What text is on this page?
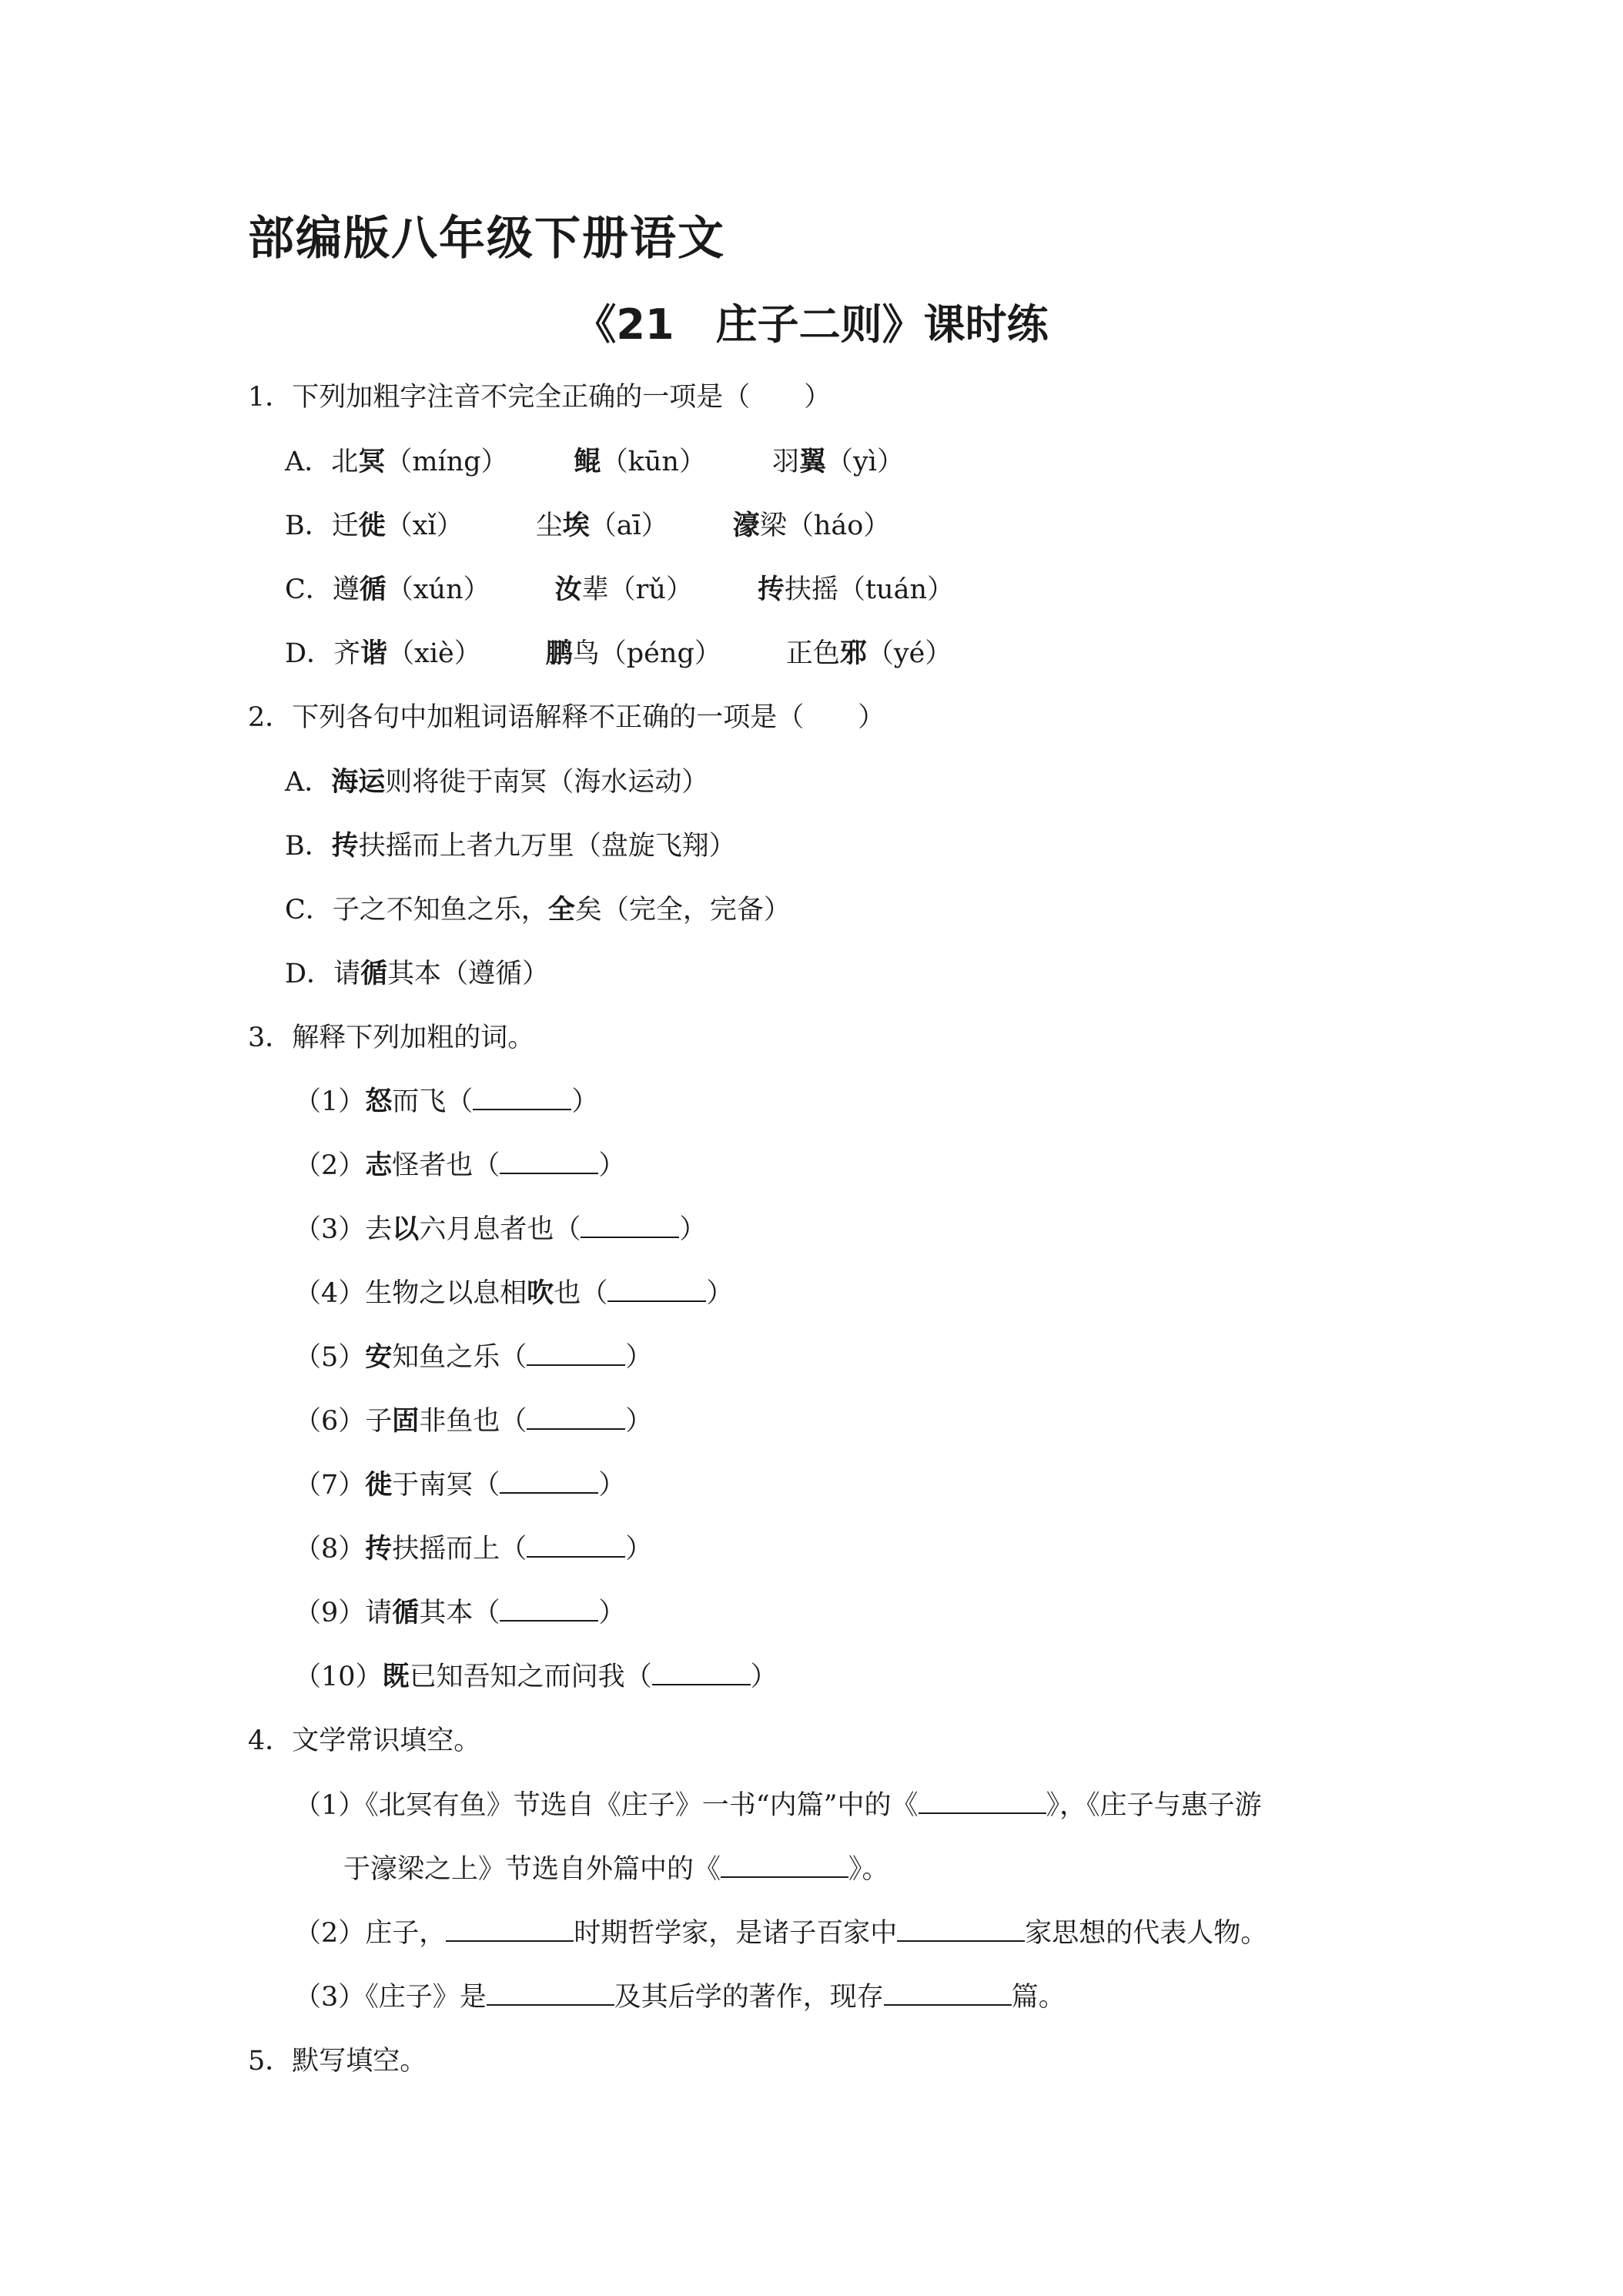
部编版八年级下册语文
《21　庄子二则》课时练
1．下列加粗字注音不完全正确的一项是（　　）
A．北冥（míng） 鲲（kūn） 羽翼（yì）
B．迁徙（xǐ）	尘埃（aī） 濠梁（háo）
C．遵循（xún） 汝辈（rǔ） 抟扶摇（tuán）
D．齐谐（xiè） 鹏鸟（péng） 正色邪（yé）
2．下列各句中加粗词语解释不正确的一项是（　　）
A．海运则将徙于南冥（海水运动）
B．抟扶摇而上者九万里（盘旋飞翔）
C．子之不知鱼之乐，全矣（完全，完备）
D．请循其本（遵循）
3．解释下列加粗的词。
（1）怒而飞（	）
（2）志怪者也（	）
（3）去以六月息者也（	）
（4）生物之以息相吹也（	）
（5）安知鱼之乐（	）
（6）子固非鱼也（	）
（7）徙于南冥（	）
（8）抟扶摇而上（	）
（9）请循其本（	）
（10）既已知吾知之而问我（	）
4．文学常识填空。
（1）《北冥有鱼》节选自《庄子》一书“内篇”中的《	》，《庄子与惠子游
于濠梁之上》节选自外篇中的《	》。
（2）庄子，	时期哲学家，是诸子百家中	家思想的代表人物。
（3）《庄子》是	及其后学的著作，现存	篇。
5．默写填空。
